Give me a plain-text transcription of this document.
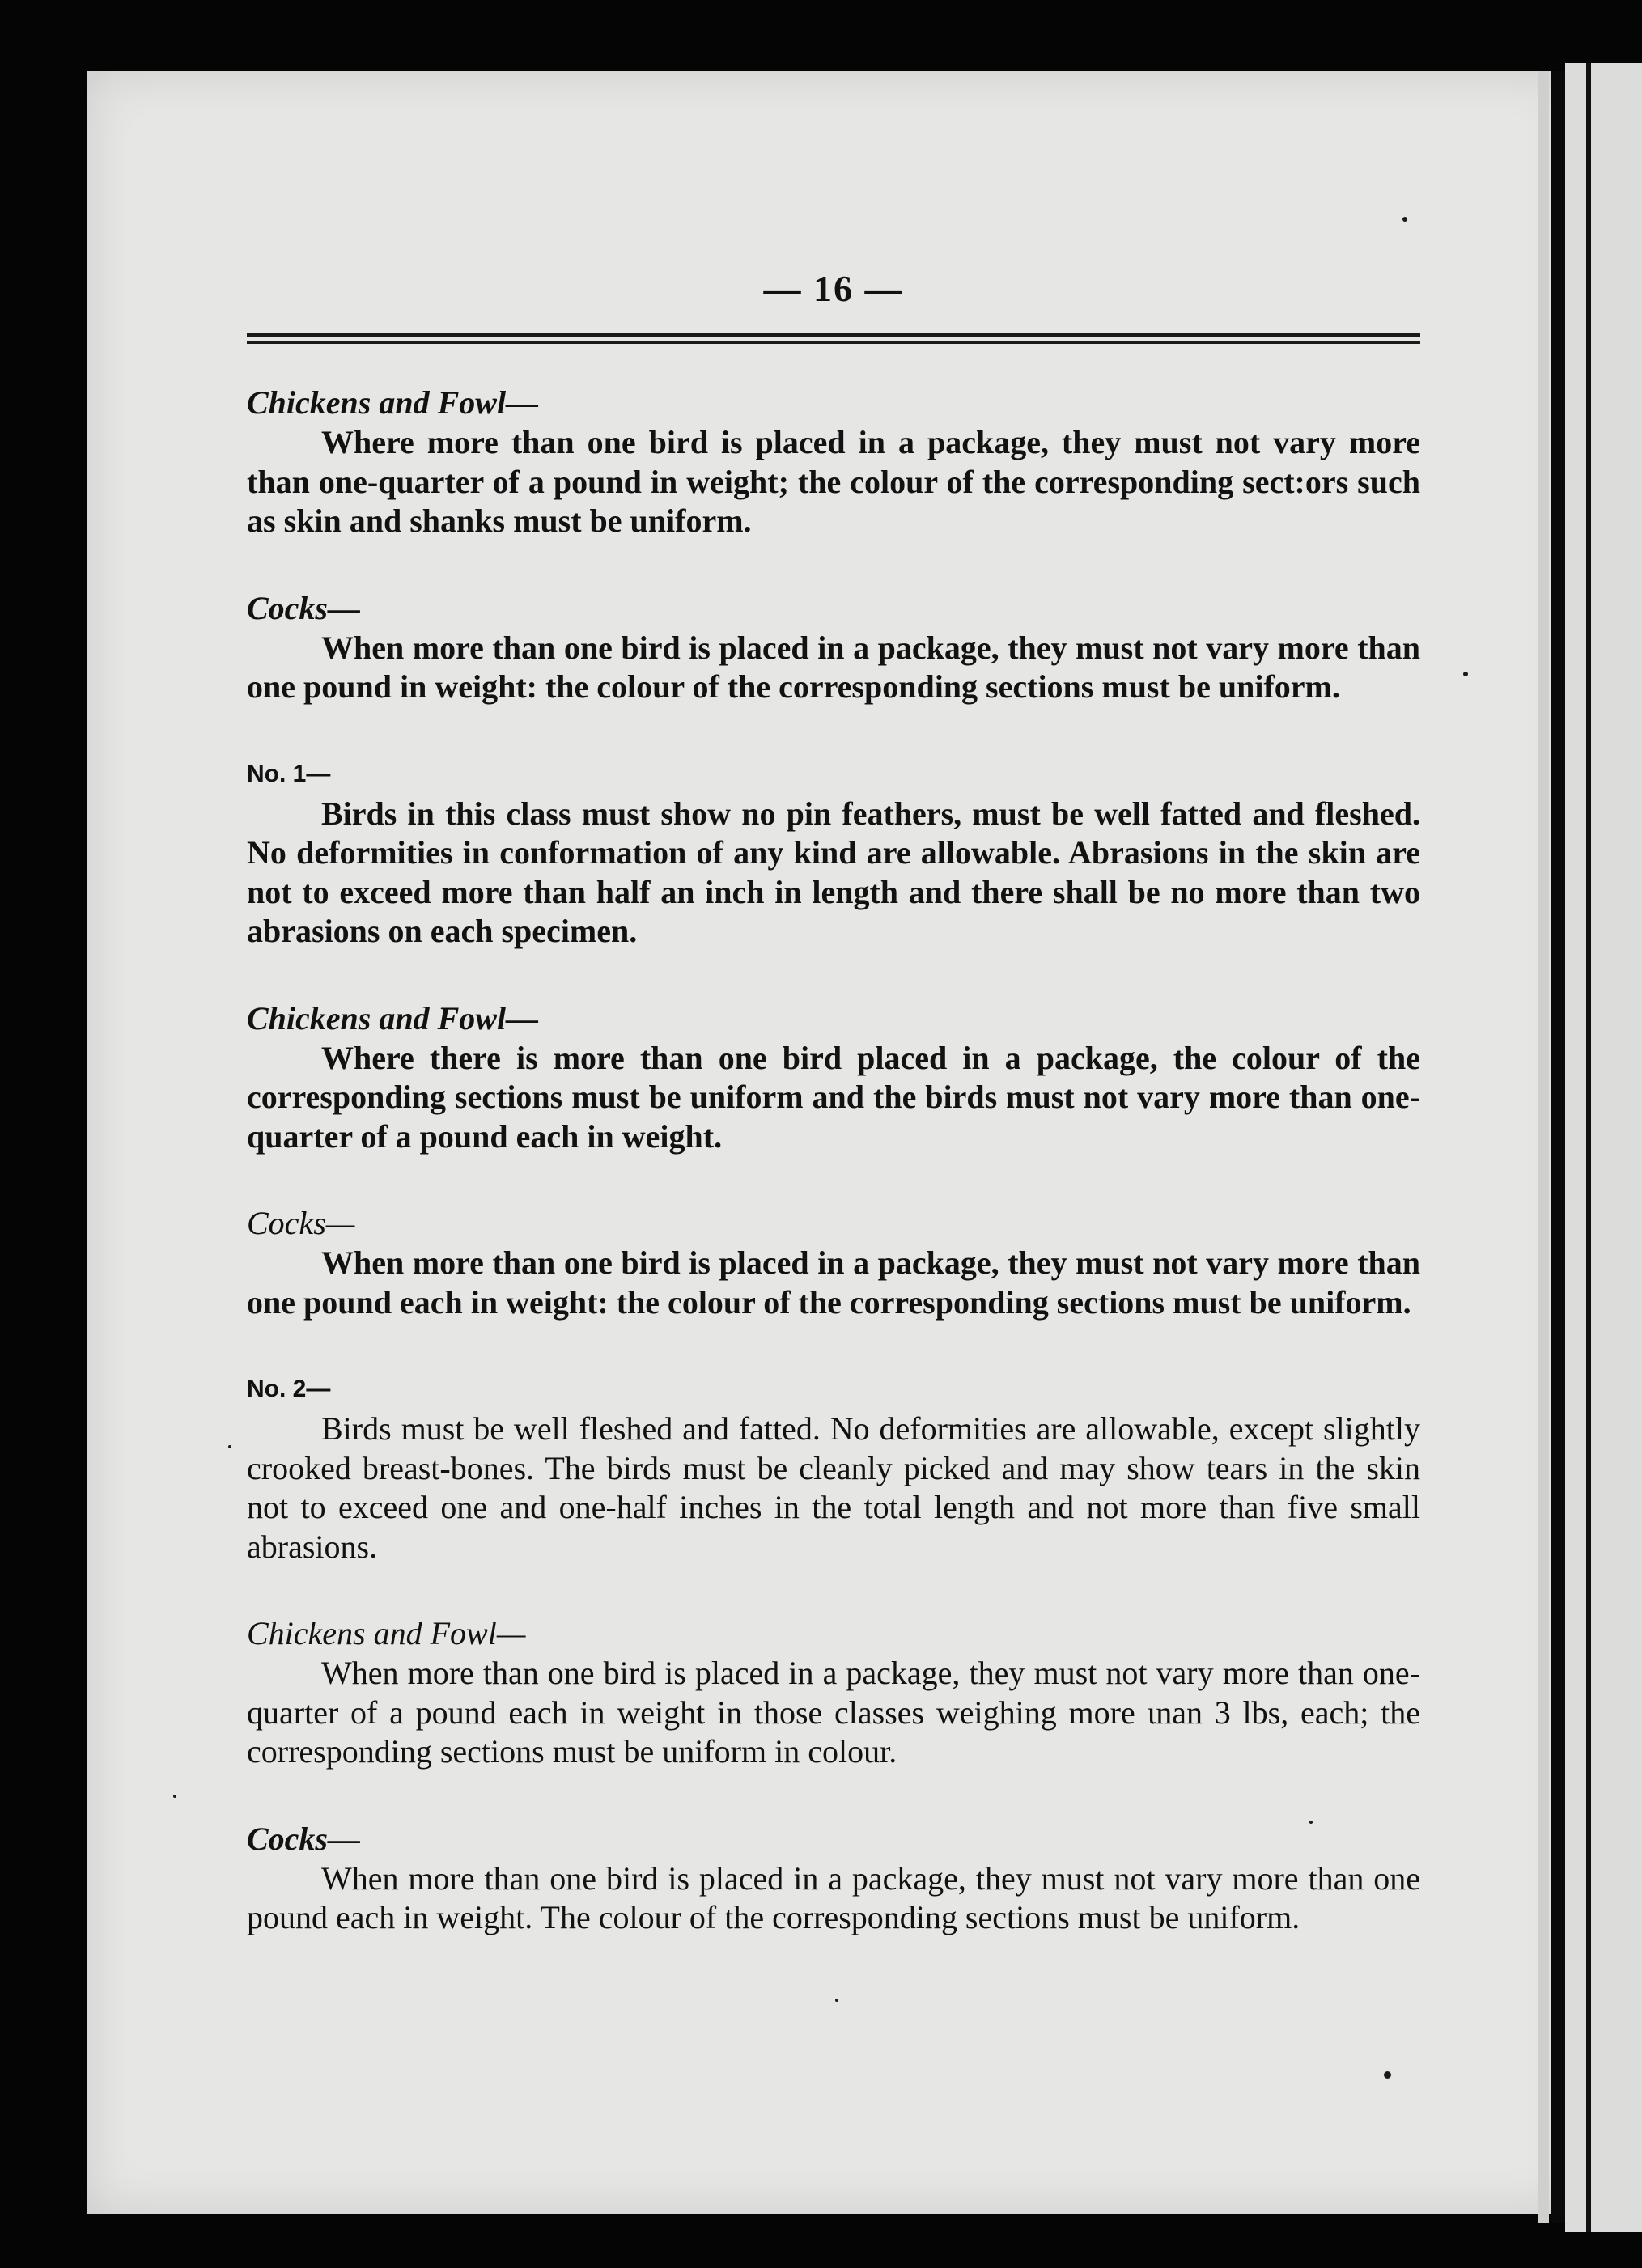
— 16 —
Chickens and Fowl—
Where more than one bird is placed in a package, they must not vary more than one-quarter of a pound in weight; the colour of the corresponding sect:ors such as skin and shanks must be uniform.
Cocks—
When more than one bird is placed in a package, they must not vary more than one pound in weight: the colour of the corresponding sections must be uniform.
No. 1—
Birds in this class must show no pin feathers, must be well fatted and fleshed. No deformities in conformation of any kind are allowable. Abrasions in the skin are not to exceed more than half an inch in length and there shall be no more than two abrasions on each specimen.
Chickens and Fowl—
Where there is more than one bird placed in a package, the colour of the corresponding sections must be uniform and the birds must not vary more than one-quarter of a pound each in weight.
Cocks—
When more than one bird is placed in a package, they must not vary more than one pound each in weight: the colour of the corresponding sections must be uniform.
No. 2—
Birds must be well fleshed and fatted. No deformities are allowable, except slightly crooked breast-bones. The birds must be cleanly picked and may show tears in the skin not to exceed one and one-half inches in the total length and not more than five small abrasions.
Chickens and Fowl—
When more than one bird is placed in a package, they must not vary more than one-quarter of a pound each in weight in those classes weighing more ιnan 3 lbs, each; the corresponding sections must be uniform in colour.
Cocks—
When more than one bird is placed in a package, they must not vary more than one pound each in weight. The colour of the corresponding sections must be uniform.
